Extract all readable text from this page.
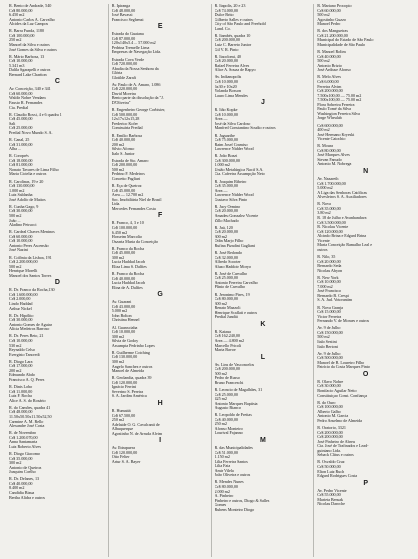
R. Bento de Andrade, 540
Cr$ 80.000,00
6.450 m2
Antonio Carlos A. Carvalho
Alcides da Luz Campos
R. Barra Funda, 1180
Cr$ 100.000,00
250 m2
Manoel da Silva e outros
José Gomes da Silva e outros
R. Mário Barbosa, 13
Cr$ 10.000,00
5.341 m3
Dalila Sgarapelli e outros
Bernard Lake Chariton
C
Av. Conceição, 340 e 341
Cr$ 60.000,00
Waldir Nobre Vendam
Fausto R. Fernandes
Cia. Predial
R. Claudio Rossi, 4 e 6 quadra 1
Cr$ 45.000,00
Sali
Cr$ 25.000,00
Predial Novo Mundo S. A.
R. Canal, 25
Cr$ 31.000,00
Alba ...
R. Coroprés
Cr$ 18.000,00
Cr$ 81.000,00
Nonato Tavares de Lima Filho
Maria Cicielia e outros
R. Carolinas, 19 e 20
Cr$ 130.000,00
1.000 m2
Luiz Saldanha
José Adolfo de Mattos
R. Cunha Gago, 9
Cr$ 30.000,00
500 m2
João ...
Aladino Petrucci
R. Cardeal Chaves Meninos
Cr$ 60.000,00
Cr$ 10.000,00
Antonio Peres Ascensão
José Nazini
R. Colônia da Lisboa, 191
Cr$ 2.200.000,00
500 m2
Henrique Morelli
Manoel dos Santos Torres
D
R. Dr. Franco da Rocha,130
Cr$ 1.600.000,00
Cr$ 2.000,00
Lindo Haddad
Arthur Nickel
R. Dr. Hipólito
Cr$ 30.000,00
Antonio Gomes de Aguiar
Alícia Medeiros Barroso
R. Dr. Peres Beto, 21
Cr$ 10.000,00
530 m2
Reynaldo Celso
Evergisto Tancredi
R. Diogo Lara
Cr$ 17.000,00
200 m2
Edmundo Abdo
Francisco A. Q. Peres
R. Dinis Lobo
Cr$ 11.000,00
Luiz F. Rocha
Alice A. S. do Rosário
R. do Camões, quadra 41
Cr$ 48.000,00
11.50x50.50x11.50x52,50
Carmine A. M. Rello
Alexandre José Costa
R. de Novembro
Cr$ 1.200.070,00
Anna Santamaria
Luiz Roberto Alves
R. Diogo Giacomo
Cr$ 35.000,00
300 m2
Antonio de Queiroz
Joaquim Coelho
R. Dr. Delanes, 13
Cr$ 40.000,00
8.400 m2
Candidia Bizua
Bertha Alidra e outros
R. Ipiranga
Cr$ 48.000,00
José Bavassi
Francisco Seghenzi
E
Estrada do Guaiana
Cr$ 87.000,00
120x140x5.4 ... 57.000 m2
Pedrina Tremelle Lima
Empresas de Navegação Ltda.
Estrada Cova Verde
Cr$ 720.000,00
Abadia da Nossa Senhora da
Glória
Glotilde Zarafi
Av. Paulo de A. Amaro, 1.086
Cr$ 220.000,00
David Moreira
Bento parte da dissolução da "J.
D'Oliveira"
R. Engenheiro George Corbisier,
Cr$ 500.000,00
12x17x12x15,28
Frederico Kofer
Comissária Predial
R. Emilio Barbosa
Cr$ 40.000,00
200 m2
Silvio Afonso
Italo S. Junior
Estrada de Sto. Amaro
Cr$ 200.000,00
500 m2
Pedrino F. Medeiros
Concetto Pagliari
R. Eça de Queiroz
Cr$ 45.000,00
Área — 12.700 m2
Soc. Imobiliária Niel de Brasil
Ltda.
Mercedes Fernandes Costa
F
R. Franco, 4, 3 e 10
Cr$ 100.000,00
6.450 m2
Hosseim Marcolio
Oszaria Maria da Conceição
R. Franco da Rocha
Cr$ 45.000,00
300 m2
Lucia Haddad Jacob
Eliza Lima S. Dalfies
R. Franco da Rocha
Cr$ 40.000,00
Lucia Haddad Jacob
Elina de A. Dalfies
G
Av. Guarani
Cr$ 43.000,00
5.000 m2
John Bolton
Christina Hennel
Al. Guanxciaba
Cr$ 10.000,00
300 m2
Silvia de Godoy
Assumpta Pedrinho Lopes
R. Guilherme Cotching
Cr$ 130.000,00
300 m2
Angelo Sanchez e outros
Manoel de Almeida
R. Geolandia, quadra 39
Cr$ 120.000,00
Ignácio Ferrini
Severino S. Pereira
S. A. Jardim América
H
R. Humaitá
Cr$ 67.500,00
250 m2
Adelaide O. G. Cavalcanti de
Albuquerque
Agostinho N. de Arruda Alvim
I
Av. Ibirapuera
Cr$ 120.000,00
Otto Felter
Artur S. A. Bayer
R. Itapolis, 20 e 23
Cr$ 74.000,00
Dulce Brito
Gilberto Salles e outros
City of São Paulo and Freehold
Land. Co.
R. Itambés, quadra 10
Cr$ 200.000,00
Luiz C. Barreto Junior
Gil V. R. Pinto
R. Itacolomi, 40
Cr$ 20.000,00
Rafael Ferreira Alves
Alice A. Souza de Rapyo
Av. Indianopolis
Cr$ 10.000,00
6x30 e 10x20
Yolanda Bosson
Lauro Lima Mendes
J
R. Itão Kopke
Cr$ 10.000,00
Área —
José da Silva Cardoso
Manfred Constantino Scudio e outros
R. Jaguaribe
Cr$ 75.000,00
Raim Josef Cramiso
Lawrence Nidder Wood
R. João Bozzi
Cr$ 300.000,00
1.000 m2
União Metalúrgica Nacif S.A.
Cia. Cafeeira Assumpção Neto
R. Joaquim Ribeiro
Cr$ 35.000,00
Área —
Lawrence Nidder Wood
Gustavo Silva Pinto
R. Jacy Ormino
Cr$ 20.000,00
Amadeu Gonzalez Vicente
Zillo Machado
R. Jaú, 120
Cr$ 20.000,00
300 m2
Odin Marjo Filho
Rufina Pizadini Gagliani
R. José Redondo
Cr$ 32.000,00
Alfredo Scooter
Aluzo Haddoir Moryo
R. José de Carvalho
Cr$ 25.000,00
Antonio Ferreira Carvalho
Plinio de Carvalho
R. Jeronimo Pires, 19
Cr$ 80.000,00
300 m2
Renato Mazzoli
Henrique Scaflati e outros
Predial Jundiá
K
R. Kaiaua
Cr$ 162.240,00
Área — 4.800 m2
Marcello Pricoli
Maria Bavoe
L
Av. Lins de Vasconcelos
Cr$ 200.000,00
500 m2
Pedro de Russo
Bruno Franceschi
R. Leoncio de Magalhães, 31
Cr$ 25.000,00
425 m2
Antonio Marques Baptista
Augusto Bianco
R. Leopoldo de Freitas
Cr$ 40.000,00
250 m2
Afonso Monteiro
Lourival Fajanno
M
R. das Municipalidades
Cr$ 51.000,00
1.150 m2
Lilia Ferreira Santos
Lilia Faia
Amir Vilela
João Oliveira e outros
R. Mendes Nunes
Cr$ 80.000,00
2.000 m2
A. Pinheiro
Pinheiro e outros, Diogo & Salles
Gomes
Rubens Monteiro Diogo
R. Mariano Procopio
Cr$ 60.000,00
500 m2
Agostinho Guzzo
Manoel Pedro
R. dos Mangueiras
Cr$ 21.200.000,00
Municipal do Estado de São Paulo
Municipalidade de São Paulo
R. Manoel Rolim
Cr$ 40.000,00
500 m2
Antonio Brizio
José Ardiuse Afonso
R. Melo Alves
Cr$ 6.000,00
Ferreira Alvim
Cr$ 200.000,00
7.500x100,00 — 75.00 m2
7.500x100,00 — 75.00 m2
Flora Sobreira Ferreira
Paulo Tomé da Silva
Washington Ferreira Silva
Jorge Wheulab
Cr$ 600.000,00
400 m2
José Hermano Kryeski
Vicente Caiochio
R. Moura
Cr$ 80.000,00
José Marques Alves
Stevan Fanudo
Antonio M. Nobrega
N
Av. Nazareth
Cr$ 1.700.000,00
5.000 m2
A Liga das Senhoras Católicas
Alvesleiros S. A. Auxiliadores
R. Nova
Cr$ 35.000,00
3.80 m2
R. 18 de Julho e Avanhandava
Cr$ 3.500.000,00
R. Nicolau Vicente
Cr$ 120.000,00
Alcindo Brina e Edgard Brina
Vicente
Maria Conceição Ramalho Leal e
outros
R. Nilo, 35
Cr$ 20.000,00
Bernardo Seda
Nicolau Abyon
R. New York
Cr$ 10.000,00
7.000 m2
José Francisco
Bernardo B. Crespi
S. A. Jud. Votorantim
R. Nova Granja
Cr$ 15.000,00
Victor Ferreira
Fernando V. de Moraes e outros
Av. 9 de Julho
Cr$ 150.000,00
500 m2
Italo Sestini
Italo Bertoni
Av. 9 de Julho
Cr$ 500.000,00
Manoel de B. Loureiro Filho
Patrício da Costa Marques Pinto
O
R. Olavo Nobre
Cr$ 30.000,00
Bonifacio Aguilar Netto
Constituiçao Const. Confiança
R. do Ouro
Cr$ 100.000,00
Alberto Galbo
Antonio M. Garcia
Pedro Anselmo de Almeida
R. Oratorio, 3321
Cr$ 200.000,00
Cr$ 200.000,00
José Pinheiro de Abreu
Cia. José de Trafinados e Lead-
guiniano Ltda.
Seback Clitus e outros
R. Osvaldo Cruz
Cr$ 50.000,00
Elton Luiz Ruch
Edgard Rodrigues Costa
P
Av. Pedro Vicente
Cr$ 55.000,00
Marieta Bensak
Nicolau Daroche
